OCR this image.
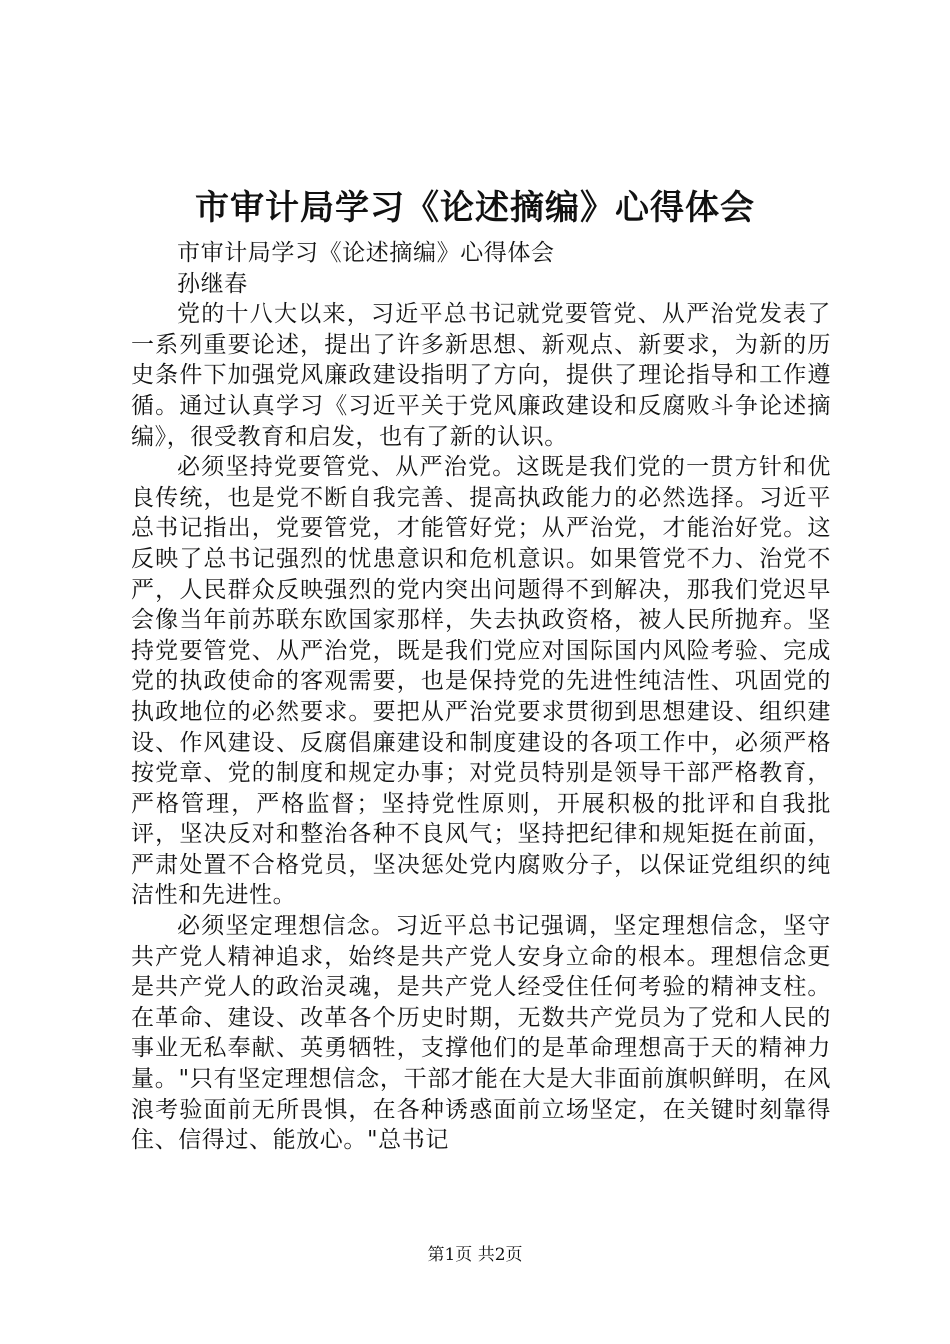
市审计局学习《论述摘编》心得体会

市审计局学习《论述摘编》心得体会

孙继春

党的十八大以来，习近平总书记就党要管党、从严治党发表了一系列重要论述，提出了许多新思想、新观点、新要求，为新的历史条件下加强党风廉政建设指明了方向，提供了理论指导和工作遵循。通过认真学习《习近平关于党风廉政建设和反腐败斗争论述摘编》，很受教育和启发，也有了新的认识。

必须坚持党要管党、从严治党。这既是我们党的一贯方针和优良传统，也是党不断自我完善、提高执政能力的必然选择。习近平总书记指出，党要管党，才能管好党；从严治党，才能治好党。这反映了总书记强烈的忧患意识和危机意识。如果管党不力、治党不严，人民群众反映强烈的党内突出问题得不到解决，那我们党迟早会像当年前苏联东欧国家那样，失去执政资格，被人民所抛弃。坚持党要管党、从严治党，既是我们党应对国际国内风险考验、完成党的执政使命的客观需要，也是保持党的先进性纯洁性、巩固党的执政地位的必然要求。要把从严治党要求贯彻到思想建设、组织建设、作风建设、反腐倡廉建设和制度建设的各项工作中，必须严格按党章、党的制度和规定办事；对党员特别是领导干部严格教育，严格管理，严格监督；坚持党性原则，开展积极的批评和自我批评，坚决反对和整治各种不良风气；坚持把纪律和规矩挺在前面，严肃处置不合格党员，坚决惩处党内腐败分子，以保证党组织的纯洁性和先进性。

必须坚定理想信念。习近平总书记强调，坚定理想信念，坚守共产党人精神追求，始终是共产党人安身立命的根本。理想信念更是共产党人的政治灵魂，是共产党人经受住任何考验的精神支柱。在革命、建设、改革各个历史时期，无数共产党员为了党和人民的事业无私奉献、英勇牺牲，支撑他们的是革命理想高于天的精神力量。"只有坚定理想信念，干部才能在大是大非面前旗帜鲜明，在风浪考验面前无所畏惧，在各种诱惑面前立场坚定，在关键时刻靠得住、信得过、能放心。"总书记

第1页 共2页
